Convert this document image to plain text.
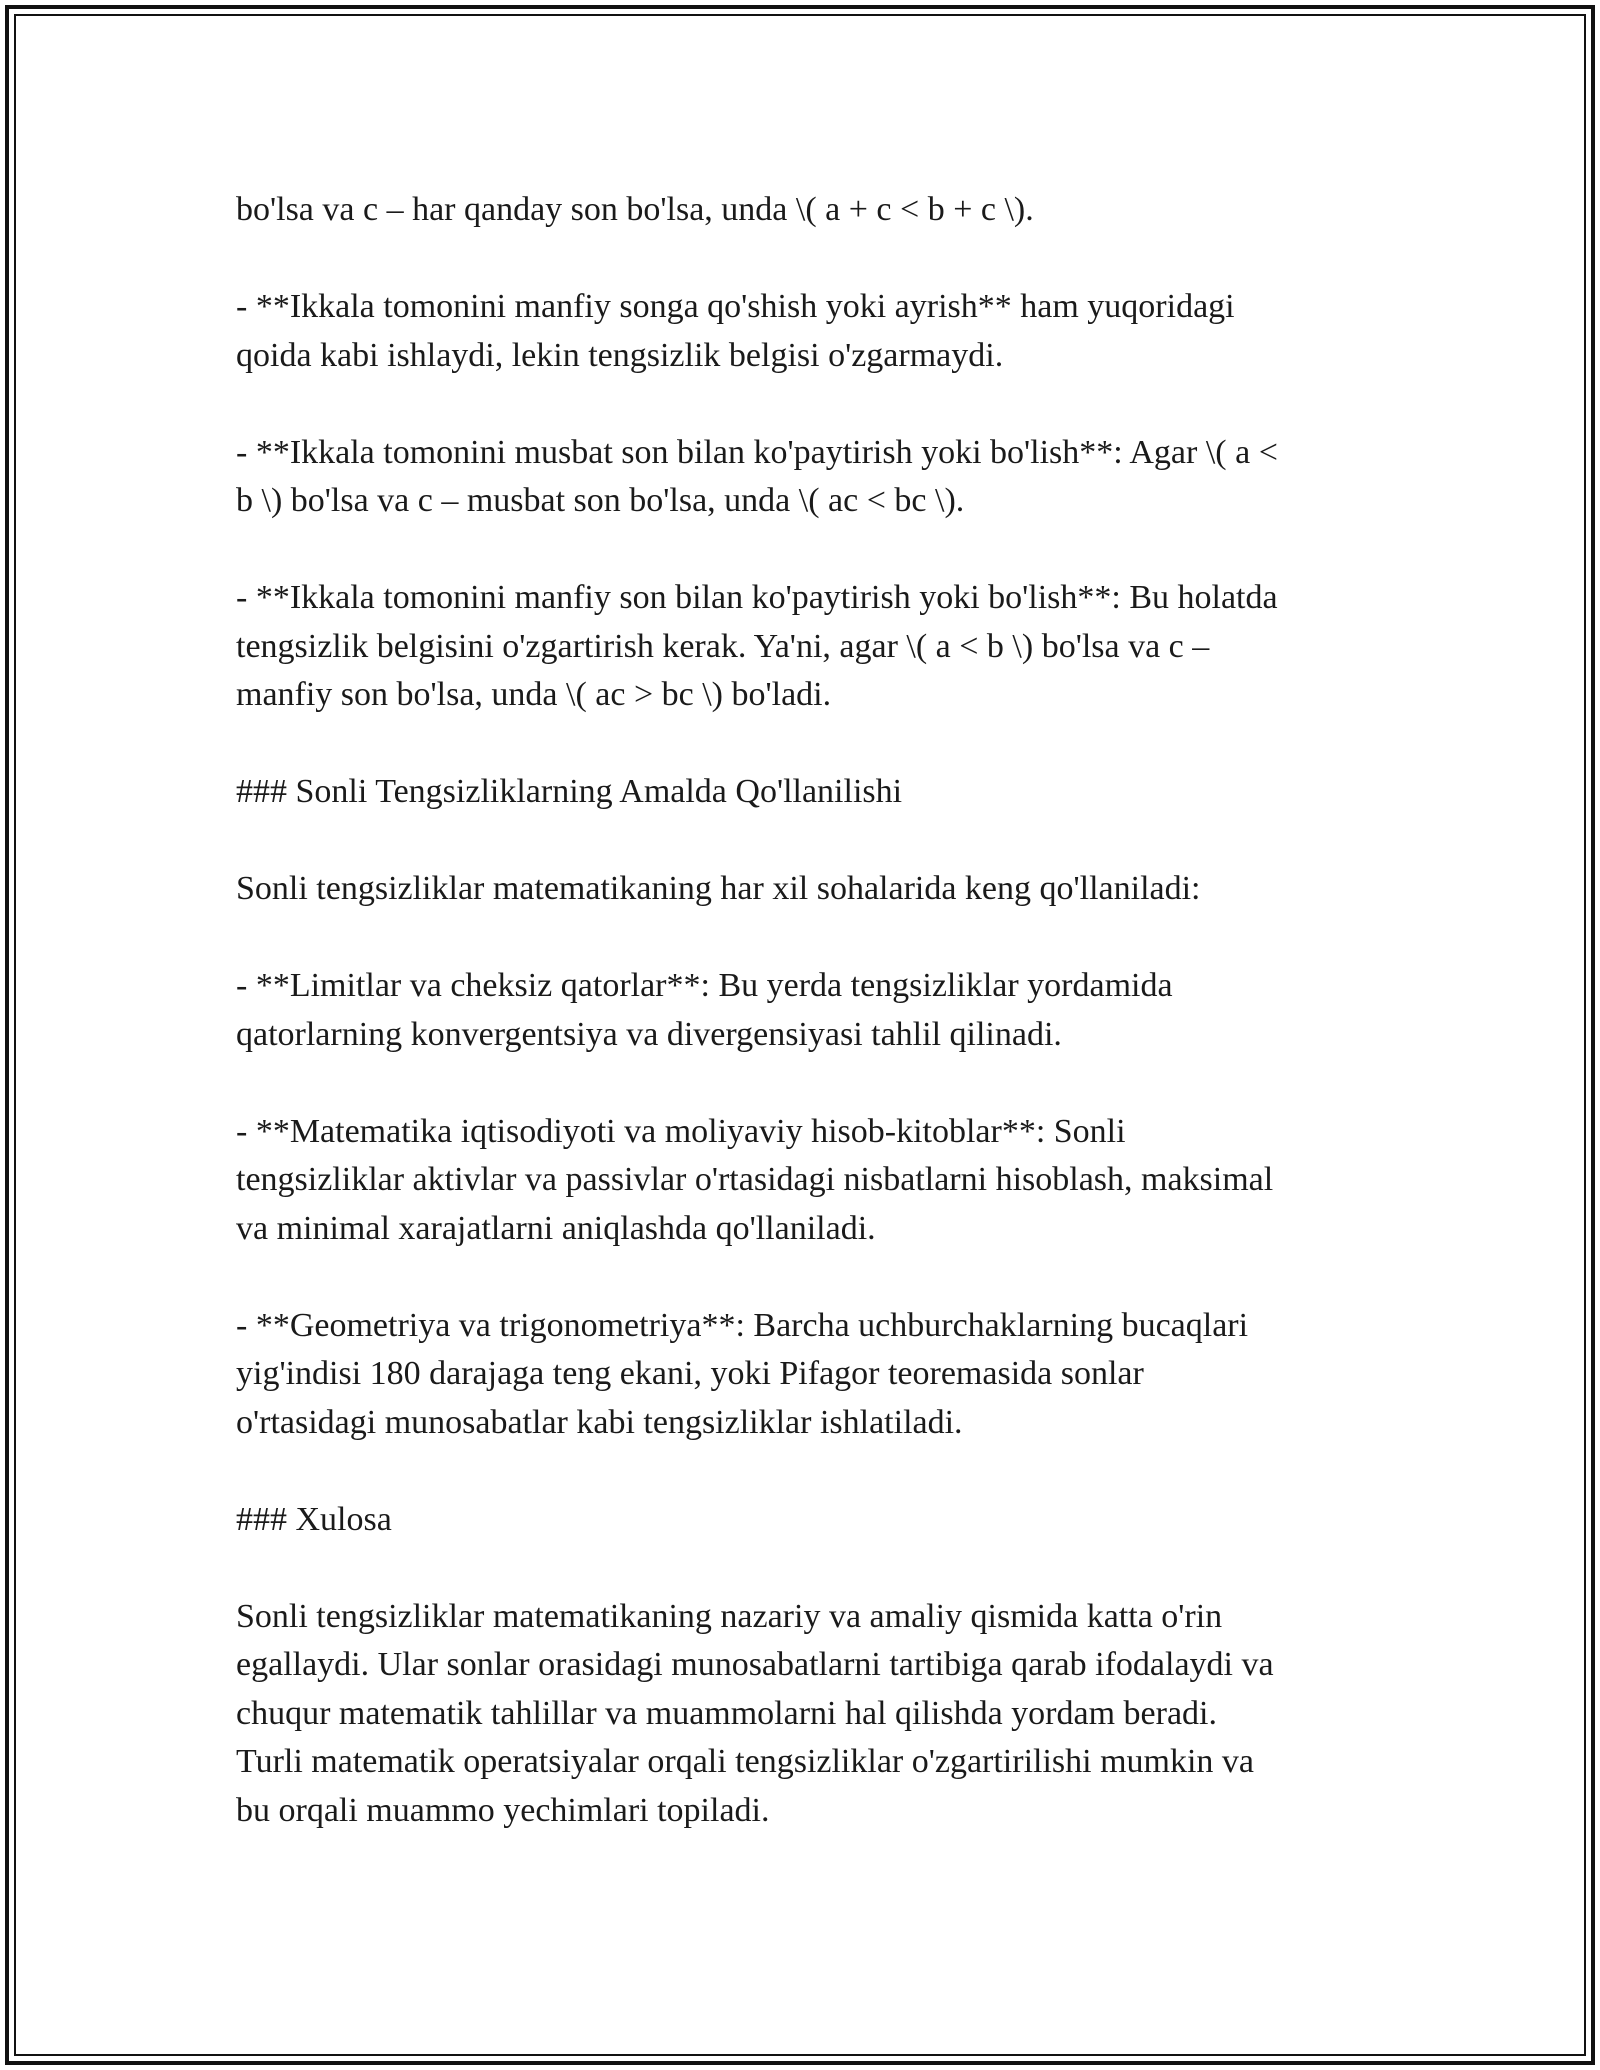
bo'lsa va c – har qanday son bo'lsa, unda \( a + c < b + c \).

- **Ikkala tomonini manfiy songa qo'shish yoki ayrish** ham yuqoridagi
qoida kabi ishlaydi, lekin tengsizlik belgisi o'zgarmaydi.

- **Ikkala tomonini musbat son bilan ko'paytirish yoki bo'lish**: Agar \( a <
b \) bo'lsa va c – musbat son bo'lsa, unda \( ac < bc \).

- **Ikkala tomonini manfiy son bilan ko'paytirish yoki bo'lish**: Bu holatda
tengsizlik belgisini o'zgartirish kerak. Ya'ni, agar \( a < b \) bo'lsa va c –
manfiy son bo'lsa, unda \( ac > bc \) bo'ladi.

### Sonli Tengsizliklarning Amalda Qo'llanilishi

Sonli tengsizliklar matematikaning har xil sohalarida keng qo'llaniladi:

- **Limitlar va cheksiz qatorlar**: Bu yerda tengsizliklar yordamida
qatorlarning konvergentsiya va divergensiyasi tahlil qilinadi.

- **Matematika iqtisodiyoti va moliyaviy hisob-kitoblar**: Sonli
tengsizliklar aktivlar va passivlar o'rtasidagi nisbatlarni hisoblash, maksimal
va minimal xarajatlarni aniqlashda qo'llaniladi.

- **Geometriya va trigonometriya**: Barcha uchburchaklarning bucaqlari
yig'indisi 180 darajaga teng ekani, yoki Pifagor teoremasida sonlar
o'rtasidagi munosabatlar kabi tengsizliklar ishlatiladi.

### Xulosa

Sonli tengsizliklar matematikaning nazariy va amaliy qismida katta o'rin
egallaydi. Ular sonlar orasidagi munosabatlarni tartibiga qarab ifodalaydi va
chuqur matematik tahlillar va muammolarni hal qilishda yordam beradi.
Turli matematik operatsiyalar orqali tengsizliklar o'zgartirilishi mumkin va
bu orqali muammo yechimlari topiladi.
